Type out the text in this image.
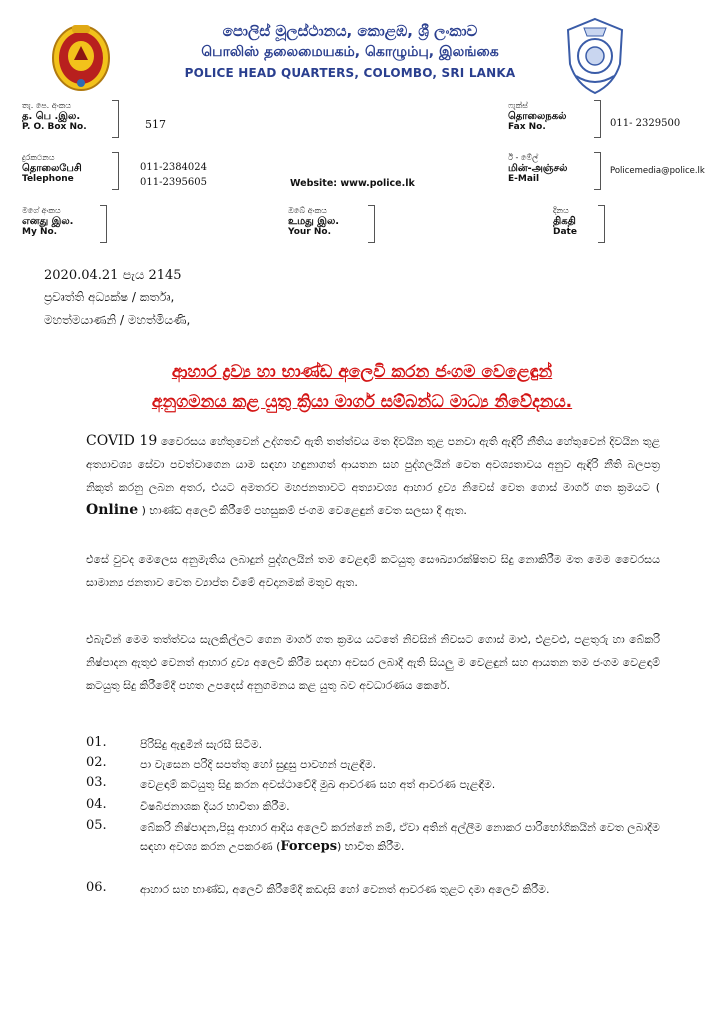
පොලිස් මූලස්ථානය, කොළඹ, ශ්‍රී ලංකාව
பொலிஸ் தலைமையகம், கொழும்பு, இலங்கை
POLICE HEAD QUARTERS, COLOMBO, SRI LANKA
තැ. පෙ. අංකය
த. பெ .இல.
P. O. Box No.	517
ෆැක්ස්
தொலைநகல்
Fax No.	011- 2329500
දුරකථනය
தொலைபேசி
Telephone
011-2384024
011-2395605	Website: www.police.lk
ඊ - මේල්
மின்-அஞ்சல்
E-Mail
Policemedia@police.lk
මගේ අංකය
எனது இல.
My No.
ඔබේ අංකය
உமது இல.
Your No.
දිනය
திகதி
Date
2020.04.21 පැය 2145
ප්‍රවෘත්ති අධ්‍යක්ෂ / කර්තෘ,
මහත්මයාණනි / මහත්මියණි,
ආහාර ද්‍රව්‍ය හා භාණ්ඩ අලෙවි කරන ජංගම වෙළෙඳුන්
අනුගමනය කළ යුතු ක්‍රියා මාර්ග සම්බන්ධ මාධ්‍ය නිවේදනය.
COVID 19 වෛරසය හේතුවෙන් උද්ගතවී ඇති තත්ත්වය මත දිවයින තුළ පනවා ඇති ඇඳිරි නීතිය හේතුවෙන් දිවයින තුළ අත්‍යාවශ්‍ය සේවා පවත්වාගෙන යාම සඳහා හඳුනාගත් ආයතන සහ පුද්ගලයින් වෙත අවශ්‍යතාවය අනුව ඇඳිරි නීති බලපත්‍ර නිකුත් කරනු ලබන අතර, එයට අමතරව මහජනතාවට අත්‍යාවශ්‍ය ආහාර ද්‍රව්‍ය නිවෙස් වෙත ගොස් මාර්ග ගත ක්‍රමයට ( Online ) භාණ්ඩ අලෙවි කිරීමේ පහසුකම් ජංගම වෙළෙඳුන් වෙත සලසා දී ඇත.
එසේ වුවද මෙලෙස අනුමැතිය ලබාදුන් පුද්ගලයින් තම වෙළඳාම් කටයුතු සෞඛ්‍යාරක්ෂිතව සිදු නොකිරීම මත මෙම වෛරසය සාමාන්‍ය ජනතාව වෙත ව්‍යාප්ත වීමේ අවදානමක් මතුව ඇත.
එබැවින් මෙම තත්ත්වය සැලකිල්ලට ගෙන මාර්ග ගත ක්‍රමය යටතේ නිවසින් නිවසට ගොස් මාළු, එළවළු, පළතුරු හා බේකරි නිෂ්පාදන ඇතුළු වෙනත් ආහාර ද්‍රව්‍ය අලෙවි කිරීම සඳහා අවසර ලබාදී ඇති සියලු ම වෙළඳුන් සහ ආයතන තම ජංගම වෙළඳාම් කටයුතු සිදු කිරීමේදී පහත උපදෙස් අනුගමනය කළ යුතු බව අවධාරණය කෙරේ.
01.	පිරිසිදු ඇඳුමින් සැරසී සිටීම.
02.	පා වැසෙන පරිදි සපත්තු හෝ සුදුසු පාවහන් පැළඳීම.
03.	වෙළඳාම් කටයුතු සිදු කරන අවස්ථාවේදී මුඛ ආවරණ සහ අත් ආවරණ පැළඳීම.
04.	විෂබීජනාශක දියර භාවිතා කිරීම.
05.	බේකරි නිෂ්පාදන,පිසූ ආහාර ආදිය අලෙවි කරන්නේ නම්, ඒවා අතින් අල්ලීම නොකර පාරිභෝගිකයින් වෙත ලබාදීම සඳහා අවශ්‍ය කරන උපකරණ (Forceps) භාවිත කිරීම.
06.	ආහාර සහ භාණ්ඩ, අලෙවි කිරීමේදී කඩදාසි හෝ වෙනත් ආවරණ තුළට දමා අලෙවි කිරීම.
